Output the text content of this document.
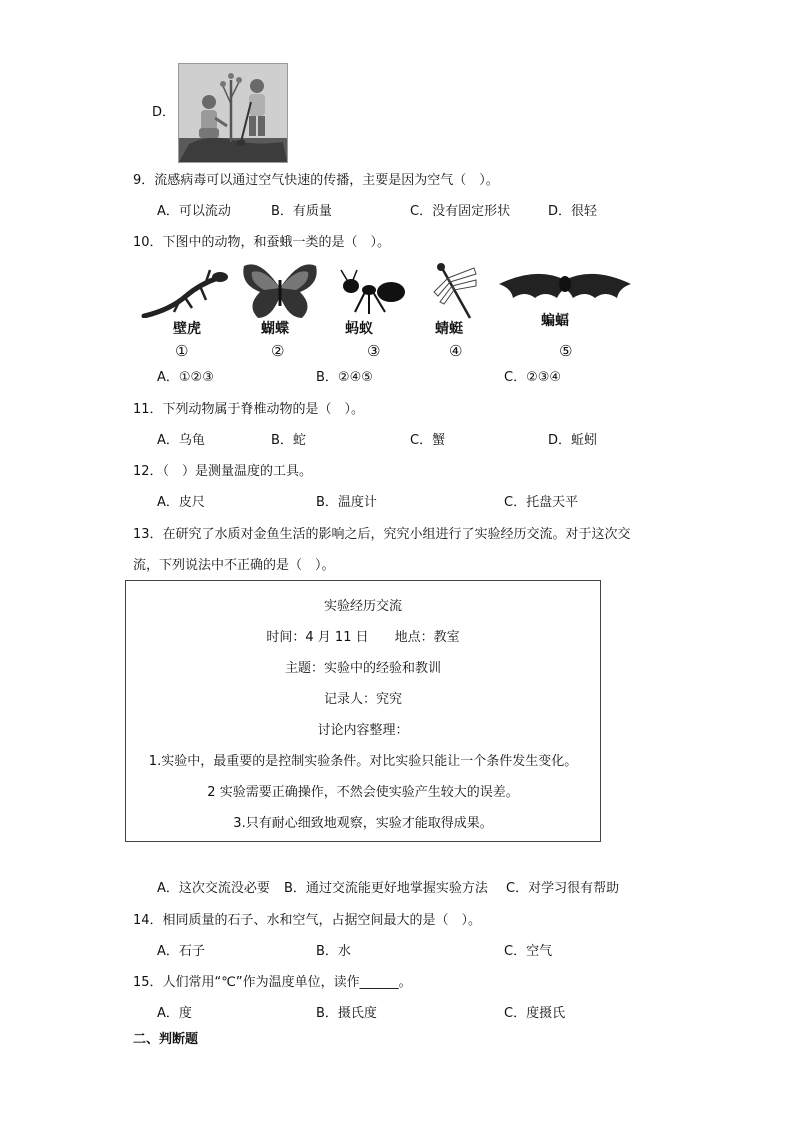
D．
9．流感病毒可以通过空气快速的传播，主要是因为空气（　）。
A．可以流动	B．有质量	C．没有固定形状	D．很轻
10．下图中的动物，和蚕蛾一类的是（　）。
壁虎
①
蝴蝶
②
蚂蚁
③
蜻蜓
④
蝙蝠
⑤
A．①②③	B．②④⑤	C．②③④
11．下列动物属于脊椎动物的是（　）。
A．乌龟	B．蛇	C．蟹	D．蚯蚓
12．（　）是测量温度的工具。
A．皮尺	B．温度计	C．托盘天平
13．在研究了水质对金鱼生活的影响之后，究究小组进行了实验经历交流。对于这次交
流，下列说法中不正确的是（　）。
实验经历交流
时间：4 月 11 日　　地点：教室
主题：实验中的经验和教训
记录人：究究
讨论内容整理：
1.实验中，最重要的是控制实验条件。对比实验只能让一个条件发生变化。
2 实验需要正确操作，不然会使实验产生较大的误差。
3.只有耐心细致地观察，实验才能取得成果。
A．这次交流没必要 B．通过交流能更好地掌握实验方法 C．对学习很有帮助
14．相同质量的石子、水和空气，占据空间最大的是（　）。
A．石子	B．水	C．空气
15．人们常用“℃”作为温度单位，读作______。
A．度	B．摄氏度	C．度摄氏
二、判断题
